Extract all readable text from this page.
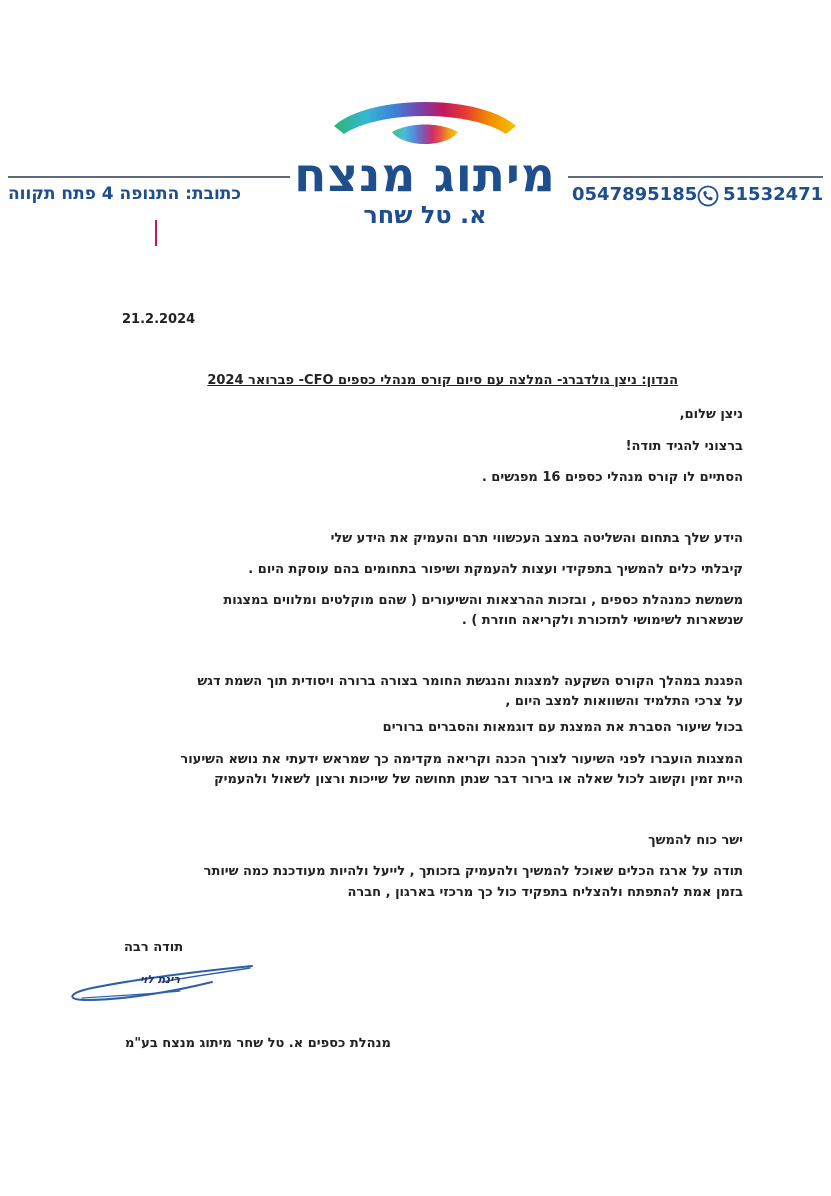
מיתוג מנצח
א. טל שחר
כתובת: התנופה 4 פתח תקווה	0547895185 51532471
21.2.2024
הנדון: ניצן גולדברג- המלצה עם סיום קורס מנהלי כספים CFO- פברואר 2024
ניצן שלום,
ברצוני להגיד תודה!
הסתיים לו קורס מנהלי כספים 16 מפגשים .
הידע שלך בתחום והשליטה במצב העכשווי תרם והעמיק את הידע שלי
קיבלתי כלים להמשיך בתפקידי ועצות להעמקת ושיפור בתחומים בהם עוסקת היום .
משמשת כמנהלת כספים , ובזכות ההרצאות והשיעורים ( שהם מוקלטים ומלווים במצגות
שנשארות לשימושי לתזכורת ולקריאה חוזרת ) .
הפגנת במהלך הקורס השקעה למצגות והנגשת החומר בצורה ברורה ויסודית תוך השמת דגש
על צרכי התלמיד והשוואות למצב היום ,
בכול שיעור הסברת את המצגת עם דוגמאות והסברים ברורים
המצגות הועברו לפני השיעור לצורך הכנה וקריאה מקדימה כך שמראש ידעתי את נושא השיעור
היית זמין וקשוב לכול שאלה או בירור דבר שנתן תחושה של שייכות ורצון לשאול ולהעמיק
ישר כוח להמשך
תודה על ארגז הכלים שאוכל להמשיך ולהעמיק בזכותך , לייעל ולהיות מעודכנת כמה שיותר
בזמן אמת להתפתח ולהצליח בתפקיד כול כך מרכזי בארגון , חברה
תודה רבה
רינת לוי
מנהלת כספים א. טל שחר מיתוג מנצח בע"מ
